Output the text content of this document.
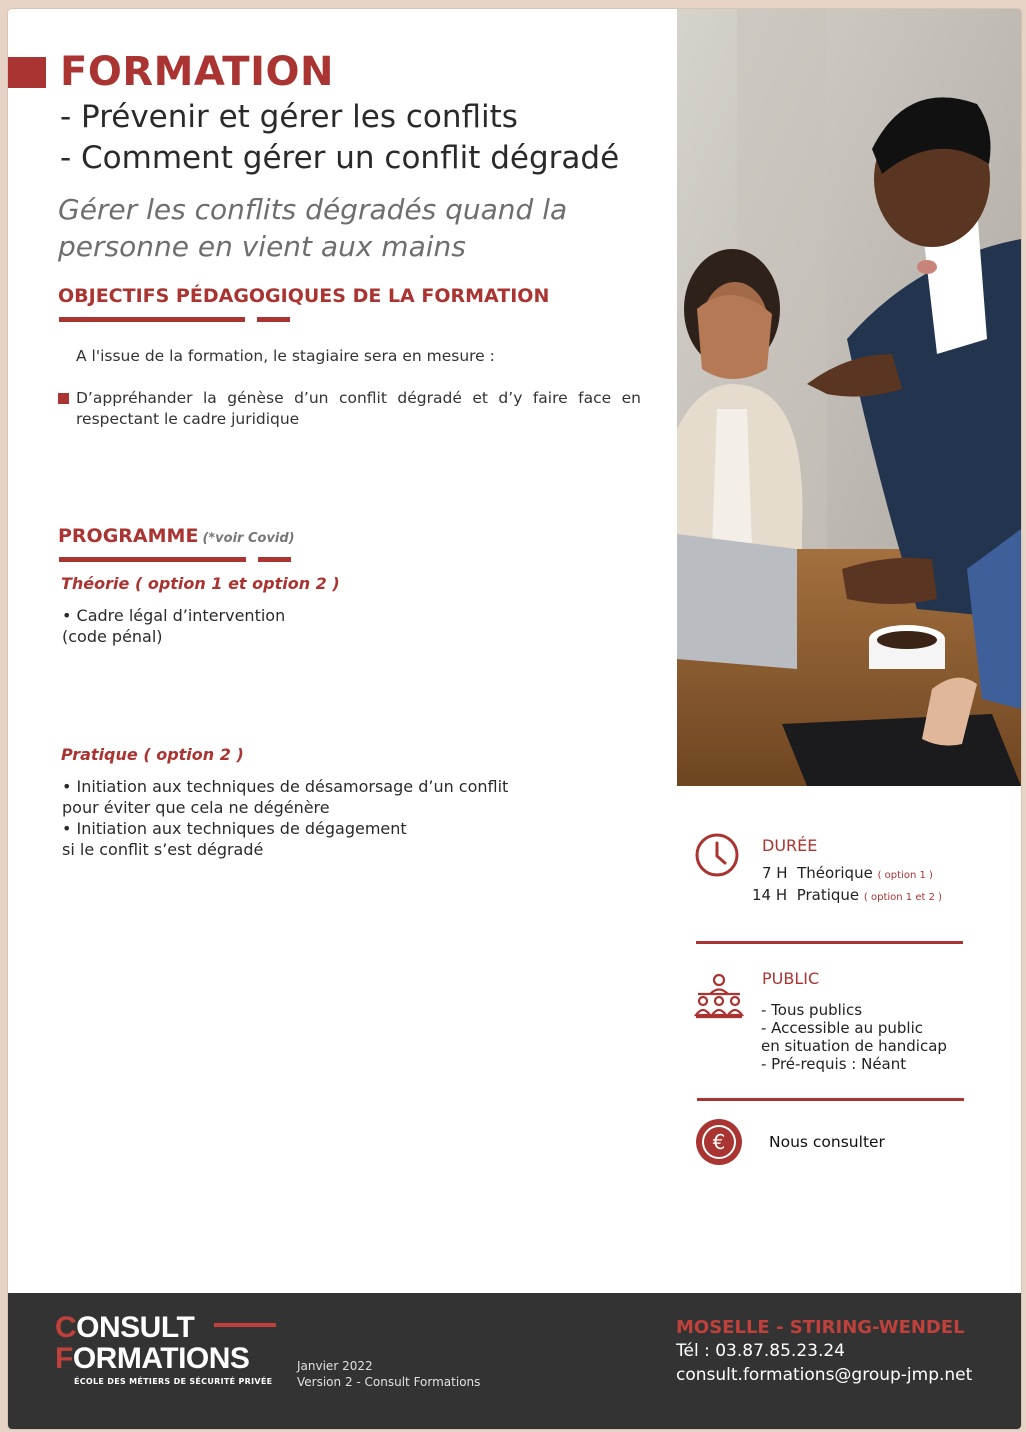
FORMATION
- Prévenir et gérer les conflits
- Comment gérer un conflit dégradé
Gérer les conflits dégradés quand la personne en vient aux mains
OBJECTIFS PÉDAGOGIQUES DE LA FORMATION
A l'issue de la formation, le stagiaire sera en mesure :
D’appréhander la génèse d’un conflit dégradé et d’y faire face en respectant le cadre juridique
PROGRAMME (*voir Covid)
Théorie ( option 1 et option 2 )
• Cadre légal d’intervention
(code pénal)
Pratique ( option 2 )
• Initiation aux techniques de désamorsage d’un conflit
pour éviter que cela ne dégénère
• Initiation aux techniques de dégagement
si le conflit s’est dégradé	DURÉE
7 H Théorique ( option 1 )
14 H Pratique ( option 1 et 2 )
PUBLIC
- Tous publics
- Accessible au public
en situation de handicap
- Pré-requis : Néant
€	Nous consulter
CONSULT
FORMATIONS
ÉCOLE DES MÉTIERS DE SÉCURITÉ PRIVÉE
Janvier 2022
Version 2 - Consult Formations
MOSELLE - STIRING-WENDEL
Tél : 03.87.85.23.24
consult.formations@group-jmp.net
